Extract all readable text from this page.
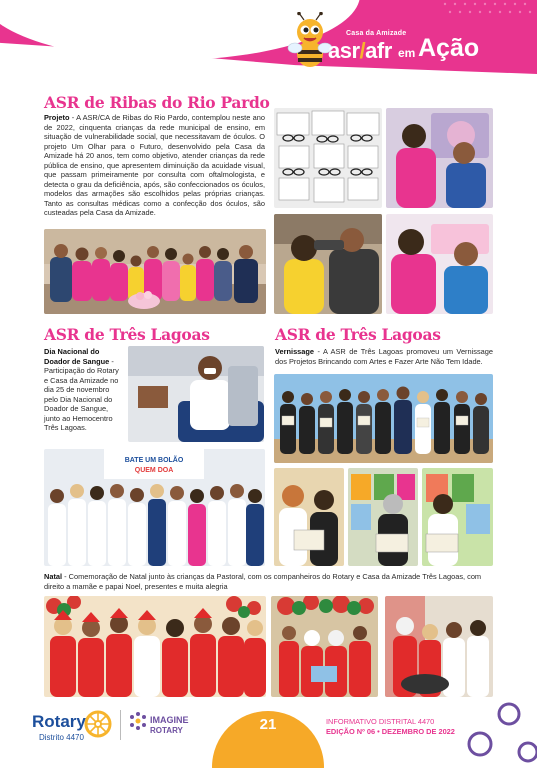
Casa da Amizade
asr/afr em Ação
ASR de Ribas do Rio Pardo
Projeto - A ASR/CA de Ribas do Rio Pardo, contemplou neste ano de 2022, cinquenta crianças da rede municipal de ensino, em situação de vulnerabilidade social, que necessitavam de óculos. O projeto Um Olhar para o Futuro, desenvolvido pela Casa da Amizade há 20 anos, tem como objetivo, atender crianças da rede pública de ensino, que apresentem diminuição da acuidade visual, que passam primeiramente por consulta com oftalmologista, e detecta o grau da deficiência, após, são confeccionados os óculos, modelos das armações são escolhidos pelas próprias crianças. Tanto as consultas médicas como a confecção dos óculos, são custeadas pela Casa da Amizade.
ASR de Três Lagoas
Dia Nacional do Doador de Sangue - Participação do Rotary e Casa da Amizade no dia 25 de novembro pelo Dia Nacional do Doador de Sangue, junto ao Hemocentro Três Lagoas.
BATE UM BOLÃO
QUEM DOA
ASR de Três Lagoas
Vernissage - A ASR de Três Lagoas promoveu um Vernissage dos Projetos Brincando com Artes e Fazer Arte Não Tem Idade.
Natal - Comemoração de Natal junto às crianças da Pastoral, com os companheiros do Rotary e Casa da Amizade Três Lagoas, com direito a mamãe e papai Noel, presentes e muita alegria
Rotary
Distrito 4470
IMAGINE
ROTARY	21	INFORMATIVO DISTRITAL 4470
EDIÇÃO Nº 06 • DEZEMBRO DE 2022
